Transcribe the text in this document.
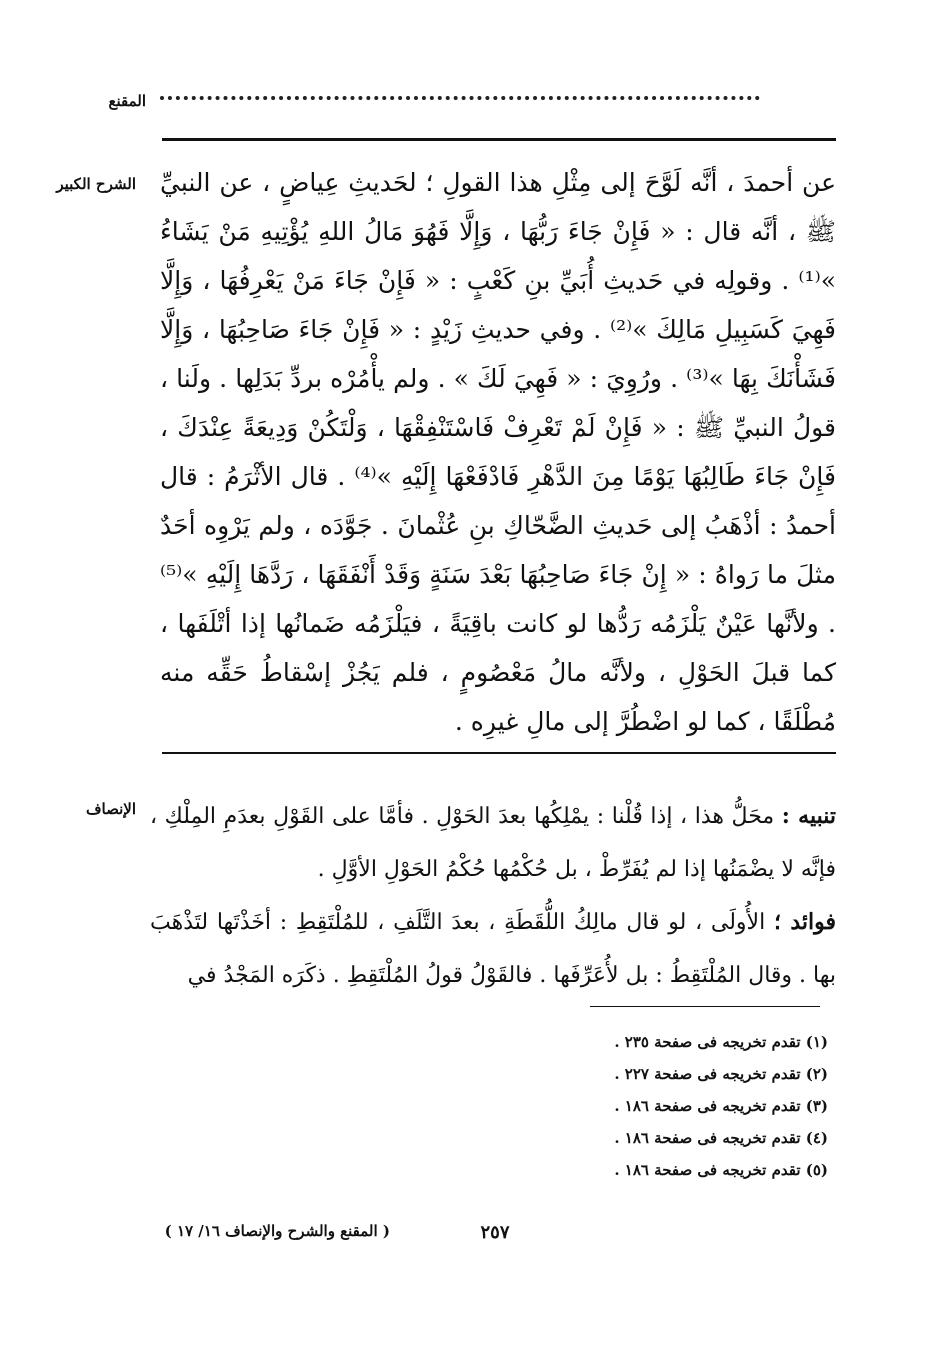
المقنع
الشرح الكبير عن أحمدَ ، أنَّه لَوَّحَ إلى مِثْلِ هذا القولِ ؛ لحَديثِ عِياضٍ ، عن النبيِّ ﷺ ، أنَّه قال : « فَإِنْ جَاءَ رَبُّهَا ، وَإِلَّا فَهُوَ مَالُ اللهِ يُؤْتِيهِ مَنْ يَشَاءُ »⁽¹⁾ . وقولِه في حَديثِ أُبَيِّ بنِ كَعْبٍ : « فَإِنْ جَاءَ مَنْ يَعْرِفُهَا ، وَإِلَّا فَهِيَ كَسَبِيلِ مَالِكَ »⁽²⁾ . وفي حديثِ زَيْدٍ : « فَإِنْ جَاءَ صَاحِبُهَا ، وَإِلَّا فَشَأْنَكَ بِهَا »⁽³⁾ . ورُوِيَ : « فَهِيَ لَكَ » . ولم يأْمُرْه بردِّ بَدَلِها . ولَنا ، قولُ النبيِّ ﷺ : « فَإِنْ لَمْ تَعْرِفْ فَاسْتَنْفِقْهَا ، وَلْتَكُنْ وَدِيعَةً عِنْدَكَ ، فَإِنْ جَاءَ طَالِبُهَا يَوْمًا مِنَ الدَّهْرِ فَادْفَعْهَا إِلَيْهِ »⁽⁴⁾ . قال الأثْرَمُ : قال أحمدُ : أذْهَبُ إلى حَديثِ الضَّحّاكِ بنِ عُثْمانَ . جَوَّدَه ، ولم يَرْوِه أحَدٌ مثلَ ما رَواهُ : « إِنْ جَاءَ صَاحِبُهَا بَعْدَ سَنَةٍ وَقَدْ أَنْفَقَهَا ، رَدَّهَا إِلَيْهِ »⁽⁵⁾ . ولأنَّها عَيْنٌ يَلْزَمُه رَدُّها لو كانت باقِيَةً ، فيَلْزَمُه ضَمانُها إذا أتْلَفَها ، كما قبلَ الحَوْلِ ، ولأنَّه مالُ مَعْصُومٍ ، فلم يَجُزْ إسْقاطُ حَقِّه منه مُطْلَقًا ، كما لو اضْطُرَّ إلى مالِ غيرِه .
الإنصاف	تنبيه : محَلُّ هذا ، إذا قُلْنا : يمْلِكُها بعدَ الحَوْلِ . فأمَّا على القَوْلِ بعدَمِ المِلْكِ ، فإنَّه لا يضْمَنُها إذا لم يُفَرِّطْ ، بل حُكْمُها حُكْمُ الحَوْلِ الأوَّلِ .

فوائد ؛ الأُولَى ، لو قال مالِكُ اللُّقَطَةِ ، بعدَ التَّلَفِ ، للمُلْتَقِطِ : أخَذْتَها لتَذْهَبَ بها . وقال المُلْتَقِطُ : بل لأُعَرِّفَها . فالقَوْلُ قولُ المُلْتَقِطِ . ذكَرَه المَجْدُ في

(١) تقدم تخريجه فى صفحة ٢٣٥ .
(٢) تقدم تخريجه فى صفحة ٢٢٧ .
(٣) تقدم تخريجه فى صفحة ١٨٦ .
(٤) تقدم تخريجه فى صفحة ١٨٦ .
(٥) تقدم تخريجه فى صفحة ١٨٦ .
٢٥٧
( المقنع والشرح والإنصاف ١٦/ ١٧ )
